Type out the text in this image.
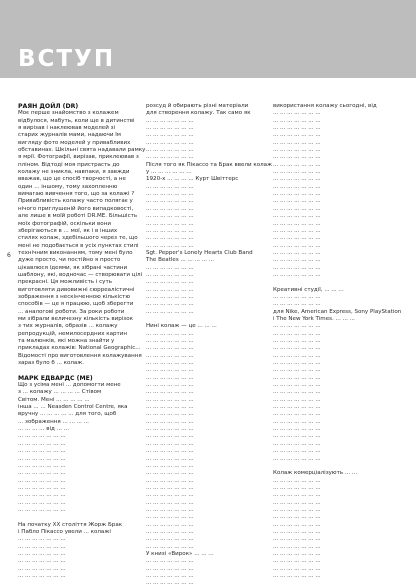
ВСТУП
6
РАЯН ДОЙЛ (DR)
Моє перше знайомство з колажем
відбулося, мабуть, коли ще в дитинстві
я вирізав і наклеював моделей зі
старих журналів мами, надаючи їм
вигляду фото моделей у привабливих
обставинах. Шкільні свята надавали рамку
я мрії. Фотографії, вирізав, приклеював з
пліном. Відтоді моя пристрасть до
колажу не зникла, навпаки, я завжди
вважав, що це спосіб творчості, а не
один ... іншому, тому захопленню
вимагаю вивчення того, що за колажі ?
Привабливість колажу часто полягає у
нічого приглушеній його випадковості,
але лише в моїй роботі DR.ME. Більшість
моїх фотографій, оскільки вони
зберігаються в ... мої, як і в інших
стилях колаж, здебільшого через те, що
мені не подобається в усіх пунктах стилі
технічним виконанням, тому мені було
дуже просто, чи постійно я просто
цікавлюся ідеями, як зібрані частини
шаблону, які, водночас — створювати цілі
прекрасні. Ця можливість і суть
виготовляти дивовижні сюрреалістичні
зображення з нескінченною кількістю
способів — це я працюю, щоб зберегти
... аналогові роботи. За роки роботи
ми зібрали величезну кількість вирізок
з тих журналів, образів ... колажу
репродукцій, немилосердних картин
та малюнків, які можна знайти у
прикладах колажів: National Geographic...
Відомості про виготовлення колажування
зараз було б ... колаж.
МАРК ЕДВАРДС (ME)
Що з усіма мені ... допомогти мене
з ... колажу ... ... ... ... Стівом
Світом. Мені ... ... ... ... ...
інша ... ... Neasden Control Centre, яка
вручну ... ... ... ... ... для того, щоб
... зображення ... ... ... ...
... ... ... ... від ... ...
... ... ... ... ... ... ...
... ... ... ... ... ... ...
... ... ... ... ... ... ...
... ... ... ... ... ... ...
... ... ... ... ... ... ...
... ... ... ... ... ... ...
... ... ... ... ... ... ...
... ... ... ... ... ... ...
... ... ... ... ... ... ...
... ... ... ... ... ... ...
... ... ... ... ... ... ...
На початку XX століття Жорж Брак
і Пабло Пікассо увели ... колажі
... ... ... ... ... ... ...
... ... ... ... ... ... ...
... ... ... ... ... ... ...
... ... ... ... ... ... ...
... ... ... ... ... ... ...
... ... ... ... ... ... ...
розсуд й обирають різні матеріали
для створення колажу. Так само як
... ... ... ... ... ... ...
... ... ... ... ... ... ...
... ... ... ... ... ... ...
... ... ... ... ... ... ...
... ... ... ... ... ... ...
... ... ... ... ... ... ...
Після того як Пікассо та Брак ввели колаж
у ... ... ... ... ... ...
1920-х ... ... ... ... Курт Швіттерс
... ... ... ... ... ... ...
... ... ... ... ... ... ...
... ... ... ... ... ... ...
... ... ... ... ... ... ...
... ... ... ... ... ... ...
... ... ... ... ... ... ...
... ... ... ... ... ... ...
... ... ... ... ... ... ...
... ... ... ... ... ... ...
Sgt. Pepper's Lonely Hearts Club Band
The Beatles ... ... ... ... ...
... ... ... ... ... ... ...
... ... ... ... ... ... ...
... ... ... ... ... ... ...
... ... ... ... ... ... ...
... ... ... ... ... ... ...
... ... ... ... ... ... ...
... ... ... ... ... ... ...
Нині колаж — це ... ... ...
... ... ... ... ... ... ...
... ... ... ... ... ... ...
... ... ... ... ... ... ...
... ... ... ... ... ... ...
... ... ... ... ... ... ...
... ... ... ... ... ... ...
... ... ... ... ... ... ...
... ... ... ... ... ... ...
... ... ... ... ... ... ...
... ... ... ... ... ... ...
... ... ... ... ... ... ...
... ... ... ... ... ... ...
... ... ... ... ... ... ...
... ... ... ... ... ... ...
... ... ... ... ... ... ...
... ... ... ... ... ... ...
... ... ... ... ... ... ...
... ... ... ... ... ... ...
... ... ... ... ... ... ...
... ... ... ... ... ... ...
... ... ... ... ... ... ...
... ... ... ... ... ... ...
... ... ... ... ... ... ...
... ... ... ... ... ... ...
... ... ... ... ... ... ...
... ... ... ... ... ... ...
... ... ... ... ... ... ...
... ... ... ... ... ... ...
... ... ... ... ... ... ...
... ... ... ... ... ... ...
У книзі «Вирок» ... ... ...
... ... ... ... ... ... ...
... ... ... ... ... ... ...
... ... ... ... ... ... ...
... ... ... ... ... ... ...
використання колажу сьогодні, від
... ... ... ... ... ... ...
... ... ... ... ... ... ...
... ... ... ... ... ... ...
... ... ... ... ... ... ...
... ... ... ... ... ... ...
... ... ... ... ... ... ...
... ... ... ... ... ... ...
... ... ... ... ... ... ...
... ... ... ... ... ... ...
... ... ... ... ... ... ...
... ... ... ... ... ... ...
... ... ... ... ... ... ...
... ... ... ... ... ... ...
... ... ... ... ... ... ...
... ... ... ... ... ... ...
... ... ... ... ... ... ...
... ... ... ... ... ... ...
... ... ... ... ... ... ...
... ... ... ... ... ... ...
... ... ... ... ... ... ...
... ... ... ... ... ... ...
... ... ... ... ... ... ...
... ... ... ... ... ... ...
Креативні студії, ... ... ...
... ... ... ... ... ... ...
... ... ... ... ... ... ...
для Nike, American Express, Sony PlayStation
і The New York Times. ... ... ...
... ... ... ... ... ... ...
... ... ... ... ... ... ...
... ... ... ... ... ... ...
... ... ... ... ... ... ...
... ... ... ... ... ... ...
... ... ... ... ... ... ...
... ... ... ... ... ... ...
... ... ... ... ... ... ...
... ... ... ... ... ... ...
... ... ... ... ... ... ...
... ... ... ... ... ... ...
... ... ... ... ... ... ...
... ... ... ... ... ... ...
... ... ... ... ... ... ...
... ... ... ... ... ... ...
... ... ... ... ... ... ...
... ... ... ... ... ... ...
... ... ... ... ... ... ...
... ... ... ... ... ... ...
Колаж комерціалізують ... ...
... ... ... ... ... ... ...
... ... ... ... ... ... ...
... ... ... ... ... ... ...
... ... ... ... ... ... ...
... ... ... ... ... ... ...
... ... ... ... ... ... ...
... ... ... ... ... ... ...
... ... ... ... ... ... ...
... ... ... ... ... ... ...
... ... ... ... ... ... ...
... ... ... ... ... ... ...
... ... ... ... ... ... ...
... ... ... ... ... ... ...
... ... ... ... ... ... ...
